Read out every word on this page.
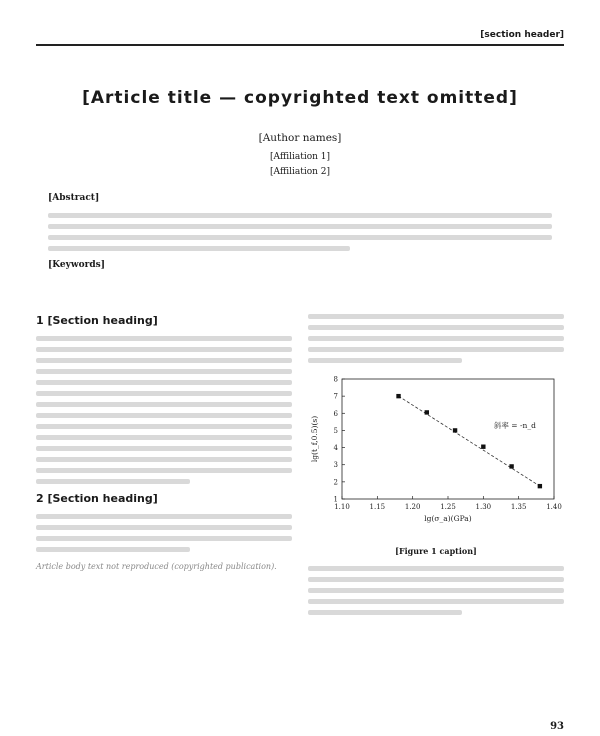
[section header]
[Article title — copyrighted text omitted]
[Author names]
[Affiliation 1]
[Affiliation 2]
[Abstract]
[Keywords]
1 [Section heading]
2 [Section heading]
Article body text not reproduced (copyrighted publication).
1.10	1.15	1.20	1.25	1.30	1.35	1.40
1
2
3
4
5
6
7
8
斜率 = -n_d
lg(σ_a)(GPa)
lg(t_f,0.5)(s)
[Figure 1 caption]
93
